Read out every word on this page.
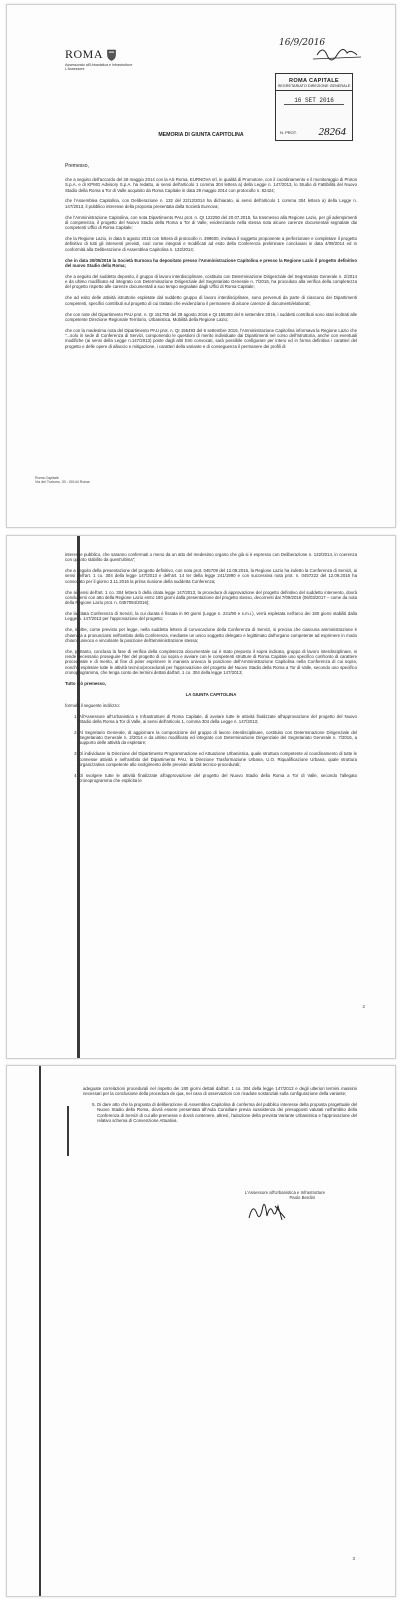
16/9/2016
ROMA
Assessorato all'Urbanistica e Infrastrutture
L'Assessore
ROMA CAPITALE
SEGRETARIATO DIREZIONE GENERALE
16 SET 2016
N. PROT. 28264
MEMORIA DI GIUNTA CAPITOLINA
Premesso,

che a seguito dell'accordo del 28 maggio 2014 con la AS Roma, EURNOVA srl, in qualità di Promotore, con il coordinamento e il monitoraggio di Protos S.p.A. e di KPMG Advisory S.p.A. ha redatto, ai sensi dell'articolo 1 comma 304 lettera a) della Legge n. 147/2013, lo Studio di Fattibilità del Nuovo Stadio della Roma a Tor di Valle acquisito da Roma Capitale in data 29 maggio 2014 con protocollo n. 82424;

che l'Assemblea Capitolina, con Deliberazione n. 132 del 22/12/2014 ha dichiarato, ai sensi dell'articolo 1 comma 304 lettera a) della Legge n. 147/2013, il pubblico interesse della proposta presentata dalla Società Eurnova;

che l'Amministrazione Capitolina, con nota Dipartimento PAU prot. n. QI 122250 del 20.07.2015, ha trasmesso alla Regione Lazio, per gli adempimenti di competenza, il progetto del Nuovo Stadio della Roma a Tor di Valle, evidenziando nella stessa nota alcune carenze documentali segnalate dai competenti Uffici di Roma Capitale;

che la Regione Lazio, in data 5 agosto 2015 con lettera di protocollo n. 399600, invitava il soggetto proponente a perfezionare e completare il progetto definitivo di tutti gli interventi previsti, così come integrati e modificati ad esito della Conferenza preliminare conclusasi in data 4/09/2014 ed in conformità alla Deliberazione di Assemblea Capitolina n. 132/2014;

che in data 30/05/2016 la Società Eurnova ha depositato presso l'Amministrazione Capitolina e presso la Regione Lazio il progetto definitivo del nuovo Stadio della Roma;

che a seguito del suddetto deposito, il gruppo di lavoro interdisciplinare, costituito con Determinazione Dirigenziale del Segretariato Generale n. 2/2014 e da ultimo modificato ed integrato con Determinazione Dirigenziale del Segretariato Generale n. 7/2016, ha proceduto alla verifica della completezza del progetto rispetto alle carenze documentali a suo tempo segnalate dagli Uffici di Roma Capitale;

che ad esito delle attività istruttorie espletate dal suddetto gruppo di lavoro interdisciplinare, sono pervenuti da parte di ciascuno dei Dipartimenti competenti, specifici contributi sul progetto di cui trattasi che evidenziano il permanere di alcune carenze di documenti/elaborati;

che con note del Dipartimento PAU prot. n. QI 151755 del 29 agosto 2016 e QI 155493 del 6 settembre 2016, i suddetti contributi sono stati inoltrati alle competente Direzione Regionale Territorio, Urbanistica, Mobilità della Regione Lazio;

che con la medesima nota del Dipartimento PAU prot. n. QI 155493 del 6 settembre 2016, l'Amministrazione Capitolina informava la Regione Lazio che "...solo in sede di Conferenza di Servizi, componendo le questioni di merito individuate dai Dipartimenti nel corso dell'istruttoria, anche con eventuali modifiche (ai sensi della Legge n.147/2013) poste dagli altri Enti convocati, sarà possibile configurare per intero ed in forma definitiva i caratteri del progetto e delle opere di allaccio e mitigazione, i caratteri della variante e di conseguenza il permanere dei profili di

Roma Capitale
Via del Turismo, 30 - 00144 Roma

interesse pubblico, che saranno confermati o meno da un atto del medesimo organo che già si è espresso con Deliberazione n. 132/2014, in coerenza con quanto stabilito da quest'ultima";

che a seguito della presentazione del progetto definitivo, con nota prot. 045709 del 12.09.2016, la Regione Lazio ha indetto la Conferenza di Servizi, ai sensi dell'art. 1 co. 304 della legge 147/2013 e dell'art. 14 ter della legge 241/1990 e con successiva nota prot. n. 0457222 del 12.09.2016 ha convocato per il giorno 3.11.2016 la prima riunione della suddetta Conferenza;

che ai sensi dell'art. 1 co. 304 lettera b della citata legge 147/2013, la procedura di approvazione del progetto definitivo del suddetto intervento, dovrà concludersi con atto della Regione Lazio entro 180 giorni dalla presentazione del progetto stesso, decorrenti dal 7/09/2016 (06/03/2017 – come da nota della Regione Lazio prot. n. 0457094/2016);

che la citata Conferenza di Servizi, la cui durata è fissata in 90 giorni (Legge n. 241/90 e s.m.i.), verrà espletata nell'arco dei 180 giorni stabiliti dalla Legge n. 147/2013 per l'approvazione del progetto;

che, inoltre, come previsto per legge, nella suddetta lettera di convocazione della Conferenza di Servizi, si precisa che ciascuna amministrazione è chiamata a pronunciarsi nell'ambito della Conferenza, mediante un unico soggetto delegato e legittimato dall'organo competente ad esprimere in modo chiaro, univoco e vincolante la posizione dell'amministrazione stessa;

che, pertanto, conclusa la fase di verifica della completezza documentale cui è stato preposto il sopra indicato, gruppo di lavoro interdisciplinare, si rende necessario proseguire l'iter del progetto di cui sopra e avviare con le competenti strutture di Roma Capitale uno specifico confronto di carattere procedurale e di merito, al fine di poter esprimere in maniera univoca la posizione dell'Amministrazione Capitolina nella Conferenza di cui sopra, nonché espletare tutte le attività tecnico/procedurali per l'approvazione del progetto del Nuovo Stadio della Roma a Tor di Valle, secondo uno specifico cronoprogramma, che tenga conto dei termini dettati dall'art. 1 co. 304 della legge 147/2013;

Tutto ciò premesso,

LA GIUNTA CAPITOLINA

formula il seguente indirizzo:

1. All'Assessore all'Urbanistica e Infrastrutture di Roma Capitale, di avviare tutte le attività finalizzate all'approvazione del progetto del Nuovo Stadio della Roma a Tor di Valle, ai sensi dell'articolo 1, comma 304 della Legge n. 147/2013;
2. Al Segretario Generale, di aggiornare la composizione del gruppo di lavoro interdisciplinare, costituito con Determinazione Dirigenziale del Segretariato Generale n. 2/2014 e da ultimo modificato ed integrato con Determinazione Dirigenziale del Segretariato Generale n. 7/2016, a supporto delle attività da espletare;
3. Di individuare la Direzione del Dipartimento Programmazione ed Attuazione Urbanistica, quale struttura competente al coordinamento di tutte le connesse attività e nell'ambito del Dipartimento PAU, la Direzione Trasformazione Urbana, U.O. Riqualificazione Urbana, quale struttura organizzativa competente allo svolgimento delle previste attività tecnico-procedurali;
4. Di svolgere tutte le attività finalizzate all'approvazione del progetto del Nuovo Stadio della Roma a Tor di Valle, secondo l'allegato cronoprogramma che esplicita le
2

adeguate correlazioni procedurali nel rispetto dei 180 giorni dettati dall'art. 1 co. 304 della legge 147/2013 e degli ulteriori termini massimi necessari per la conclusione della procedura de qua, nel caso di osservazioni con ricadute sostanziali sulla configurazione della variante;

5. Di dare atto che la proposta di deliberazione di Assemblea Capitolina di conferma del pubblico interesse della proposta progettuale del Nuovo Stadio della Roma, dovrà essere presentata all'Aula Consiliare previa sussistenza dei presupposti valutati nell'ambito della Conferenza di Servizi di cui alle premesse e dovrà contenere, altresì, l'adozione della prevista Variante Urbanistica e l'approvazione del relativo schema di Convenzione Attuativa.
L'Assessore all'Urbanistica e Infrastrutture
Paolo Berdini
3
